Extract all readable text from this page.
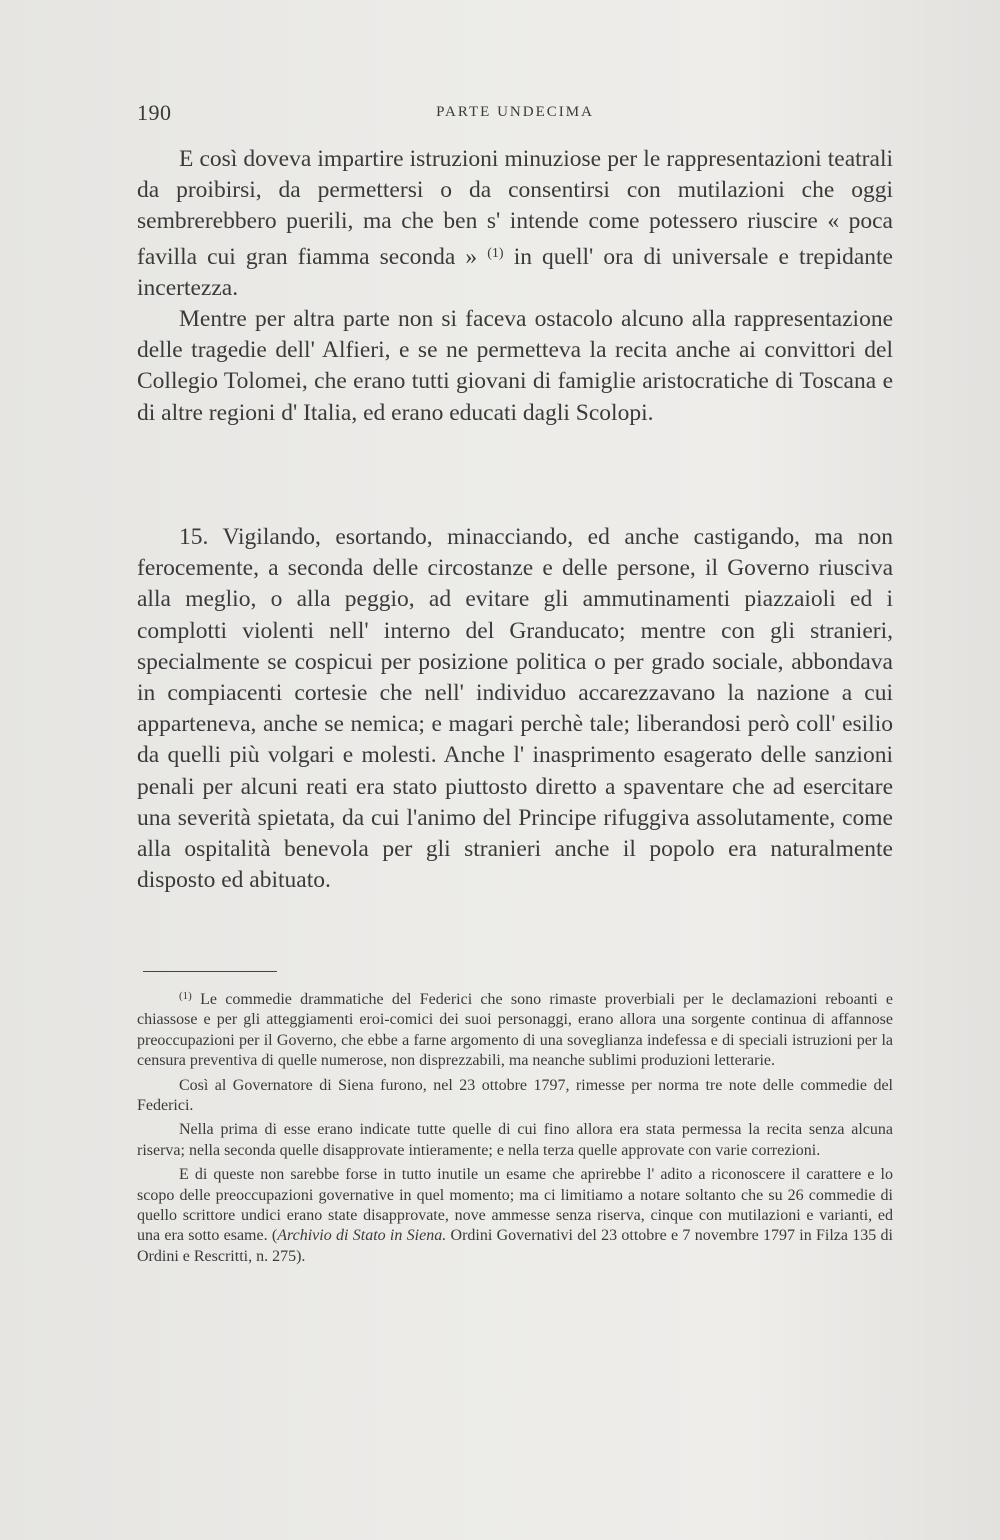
190	PARTE UNDECIMA

E così doveva impartire istruzioni minuziose per le rappresentazioni teatrali da proibirsi, da permettersi o da consentirsi con mutilazioni che oggi sembrerebbero puerili, ma che ben s' intende come potessero riuscire « poca favilla cui gran fiamma seconda » $^{(1)}$ in quell' ora di universale e trepidante incertezza.

Mentre per altra parte non si faceva ostacolo alcuno alla rappresentazione delle tragedie dell' Alfieri, e se ne permetteva la recita anche ai convittori del Collegio Tolomei, che erano tutti giovani di famiglie aristocratiche di Toscana e di altre regioni d' Italia, ed erano educati dagli Scolopi.

15. Vigilando, esortando, minacciando, ed anche castigando, ma non ferocemente, a seconda delle circostanze e delle persone, il Governo riusciva alla meglio, o alla peggio, ad evitare gli ammutinamenti piazzaioli ed i complotti violenti nell' interno del Granducato; mentre con gli stranieri, specialmente se cospicui per posizione politica o per grado sociale, abbondava in compiacenti cortesie che nell' individuo accarezzavano la nazione a cui apparteneva, anche se nemica; e magari perchè tale; liberandosi però coll' esilio da quelli più volgari e molesti. Anche l' inasprimento esagerato delle sanzioni penali per alcuni reati era stato piuttosto diretto a spaventare che ad esercitare una severità spietata, da cui l'animo del Principe rifuggiva assolutamente, come alla ospitalità benevola per gli stranieri anche il popolo era naturalmente disposto ed abituato.

$^{(1)}$ Le commedie drammatiche del Federici che sono rimaste proverbiali per le declamazioni reboanti e chiassose e per gli atteggiamenti eroi-comici dei suoi personaggi, erano allora una sorgente continua di affannose preoccupazioni per il Governo, che ebbe a farne argomento di una soveglianza indefessa e di speciali istruzioni per la censura preventiva di quelle numerose, non disprezzabili, ma neanche sublimi produzioni letterarie.

Così al Governatore di Siena furono, nel 23 ottobre 1797, rimesse per norma tre note delle commedie del Federici.

Nella prima di esse erano indicate tutte quelle di cui fino allora era stata permessa la recita senza alcuna riserva; nella seconda quelle disapprovate intieramente; e nella terza quelle approvate con varie correzioni.

E di queste non sarebbe forse in tutto inutile un esame che aprirebbe l' adito a riconoscere il carattere e lo scopo delle preoccupazioni governative in quel momento; ma ci limitiamo a notare soltanto che su 26 commedie di quello scrittore undici erano state disapprovate, nove ammesse senza riserva, cinque con mutilazioni e varianti, ed una era sotto esame. (Archivio di Stato in Siena. Ordini Governativi del 23 ottobre e 7 novembre 1797 in Filza 135 di Ordini e Rescritti, n. 275).
